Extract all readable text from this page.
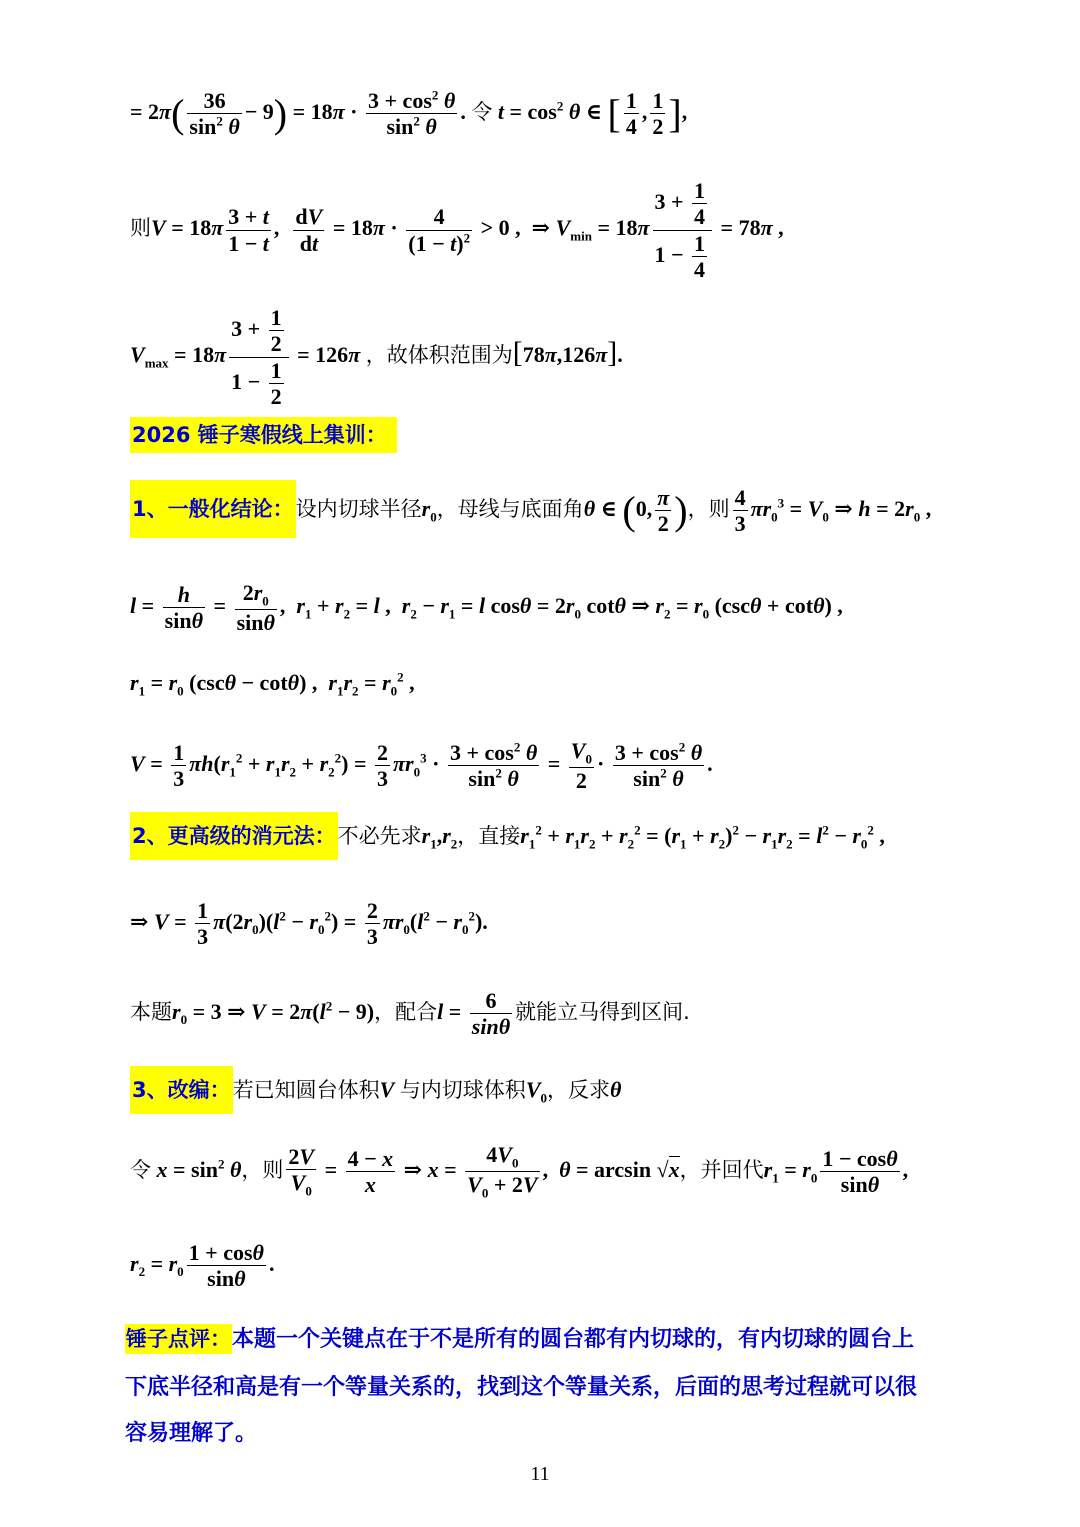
= $2\pi( \frac{36}{\sin^2 \theta} - 9) = 18\pi \cdot \frac{3 + \cos^2 \theta}{\sin^2 \theta}$ . 令 $t = \cos^2 \theta$ ∈ [ $\frac{1}{4}$ , $\frac{1}{2}$ ],
则$V = 18\pi \frac{3 + t}{1 - t}$ , $\frac{dV}{dt} = 18\pi \cdot \frac{4}{(1 - t)^2} > 0$ ,  ⇒ $V_{min} = 18\pi \frac{3 + \frac{1}{4}}{1 - \frac{1}{4}} = 78\pi$ ,
$V_{max} = 18\pi \frac{3 + \frac{1}{2}}{1 - \frac{1}{2}} = 126\pi$ ，故体积范围为[78π,126π].
2026 锤子寒假线上集训：
1、一般化结论：设内切球半径$r_0$，母线与底面角θ ∈ (0, $\frac{\pi}{2}$ )，则 $\frac{4}{3} \pi r_0^3 = V_0$ ⇒ $h = 2r_0$ ,
$l = \frac{h}{\sin\theta} = \frac{2r_0}{\sin\theta}$ ,  $r_1 + r_2 = l$ ,  $r_2 - r_1 = l$ $\cos\theta = 2r_0$ cotθ ⇒ $r_2 = r_0$ (cscθ + cotθ) ,
$r_1 = r_0$ (cscθ − cotθ) ,  $r_1r_2 = r_0^2$ ,
$V = \frac{1}{3} \pi h(r_1^2 + r_1r_2 + r_2^2) = \frac{2}{3} \pi r_0^3 \cdot \frac{3 + \cos^2 \theta}{\sin^2 \theta} = \frac{V_0}{2} \cdot \frac{3 + \cos^2 \theta}{\sin^2 \theta}$ .
2、更高级的消元法：不必先求$r_1,r_2$，直接$r_1^2 + r_1r_2 + r_2^2 = (r_1 + r_2)^2 - r_1r_2 = l^2 - r_0^2$ ,
⇒ $V = \frac{1}{3} \pi(2r_0)(l^2 - r_0^2) = \frac{2}{3} \pi r_0(l^2 - r_0^2)$.
本题$r_0 = 3$ ⇒ $V = 2\pi(l^2 - 9)$，配合$l = \frac{6}{\sin\theta}$ 就能立马得到区间.
3、改编：若已知圆台体积V 与内切球体积$V_0$，反求θ
令 $x = \sin^2 \theta$，则 $\frac{2V}{V_0} = \frac{4 - x}{x}$ ⇒ $x = \frac{4V_0}{V_0 + 2V}$ ,  θ = arcsin √x，并回代$r_1 = r_0 \frac{1 - \cos\theta}{\sin\theta}$ ,
$r_2 = r_0 \frac{1 + \cos\theta}{\sin\theta}$ .
锤子点评：本题一个关键点在于不是所有的圆台都有内切球的，有内切球的圆台上
下底半径和高是有一个等量关系的，找到这个等量关系，后面的思考过程就可以很
容易理解了。
11
